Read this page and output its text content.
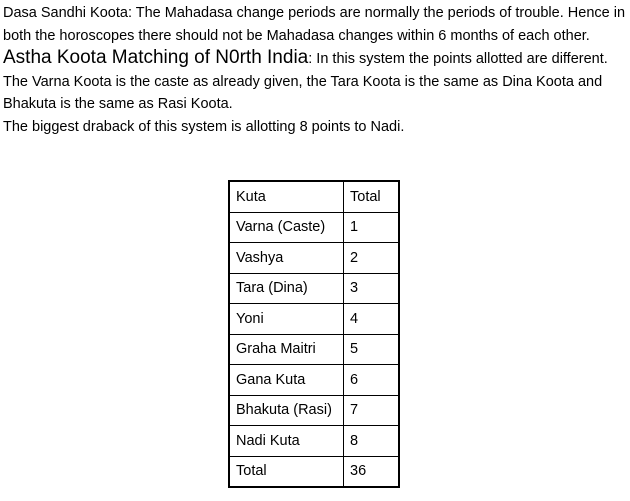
Dasa Sandhi Koota: The Mahadasa change periods are normally the periods of trouble. Hence in both the horoscopes there should not be Mahadasa changes within 6 months of each other.

Astha Koota Matching of N0rth India: In this system the points allotted are different. The Varna Koota is the caste as already given, the Tara Koota is the same as Dina Koota and Bhakuta is the same as Rasi Koota.

The biggest draback of this system is allotting 8 points to Nadi.

Kuta	Total
Varna (Caste)	1
Vashya	2
Tara (Dina)	3
Yoni	4
Graha Maitri	5
Gana Kuta	6
Bhakuta (Rasi)	7
Nadi Kuta	8
Total	36
